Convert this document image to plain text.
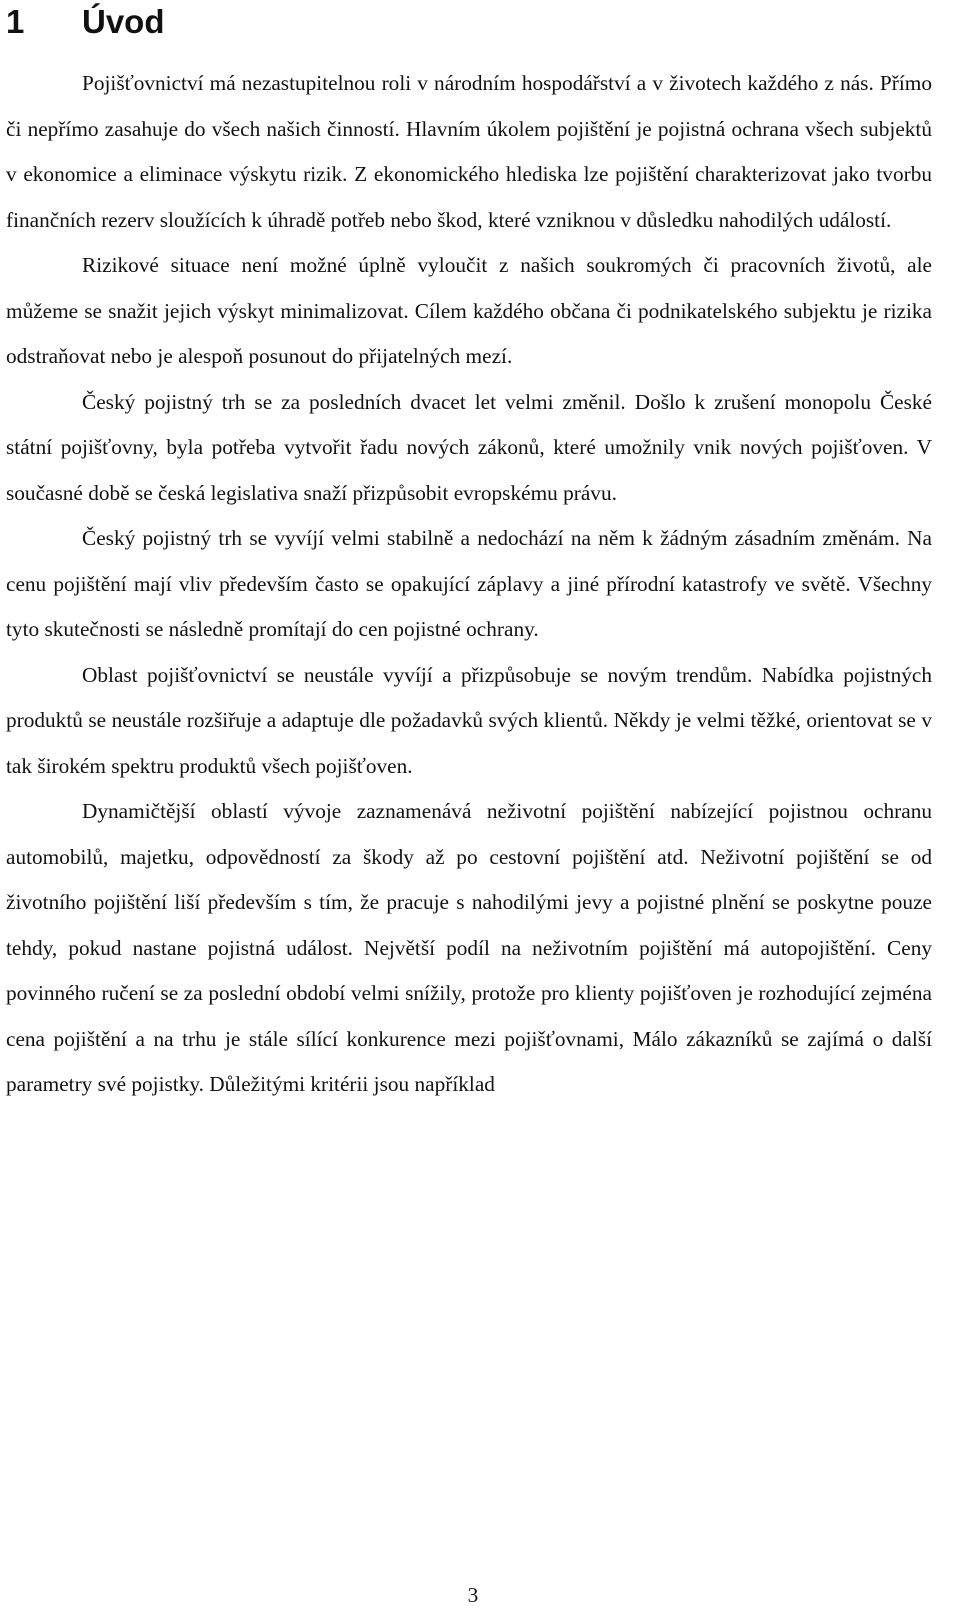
1 Úvod

Pojišťovnictví má nezastupitelnou roli v národním hospodářství a v životech každého z nás. Přímo či nepřímo zasahuje do všech našich činností. Hlavním úkolem pojištění je pojistná ochrana všech subjektů v ekonomice a eliminace výskytu rizik. Z ekonomického hlediska lze pojištění charakterizovat jako tvorbu finančních rezerv sloužících k úhradě potřeb nebo škod, které vzniknou v důsledku nahodilých událostí.

Rizikové situace není možné úplně vyloučit z našich soukromých či pracovních životů, ale můžeme se snažit jejich výskyt minimalizovat. Cílem každého občana či podnikatelského subjektu je rizika odstraňovat nebo je alespoň posunout do přijatelných mezí.

Český pojistný trh se za posledních dvacet let velmi změnil. Došlo k zrušení monopolu České státní pojišťovny, byla potřeba vytvořit řadu nových zákonů, které umožnily vnik nových pojišťoven. V současné době se česká legislativa snaží přizpůsobit evropskému právu.

Český pojistný trh se vyvíjí velmi stabilně a nedochází na něm k žádným zásadním změnám. Na cenu pojištění mají vliv především často se opakující záplavy a jiné přírodní katastrofy ve světě. Všechny tyto skutečnosti se následně promítají do cen pojistné ochrany.

Oblast pojišťovnictví se neustále vyvíjí a přizpůsobuje se novým trendům. Nabídka pojistných produktů se neustále rozšiřuje a adaptuje dle požadavků svých klientů. Někdy je velmi těžké, orientovat se v tak širokém spektru produktů všech pojišťoven.

Dynamičtější oblastí vývoje zaznamenává neživotní pojištění nabízející pojistnou ochranu automobilů, majetku, odpovědností za škody až po cestovní pojištění atd. Neživotní pojištění se od životního pojištění liší především s tím, že pracuje s nahodilými jevy a pojistné plnění se poskytne pouze tehdy, pokud nastane pojistná událost. Největší podíl na neživotním pojištění má autopojištění. Ceny povinného ručení se za poslední období velmi snížily, protože pro klienty pojišťoven je rozhodující zejména cena pojištění a na trhu je stále sílící konkurence mezi pojišťovnami, Málo zákazníků se zajímá o další parametry své pojistky. Důležitými kritérii jsou například

3
